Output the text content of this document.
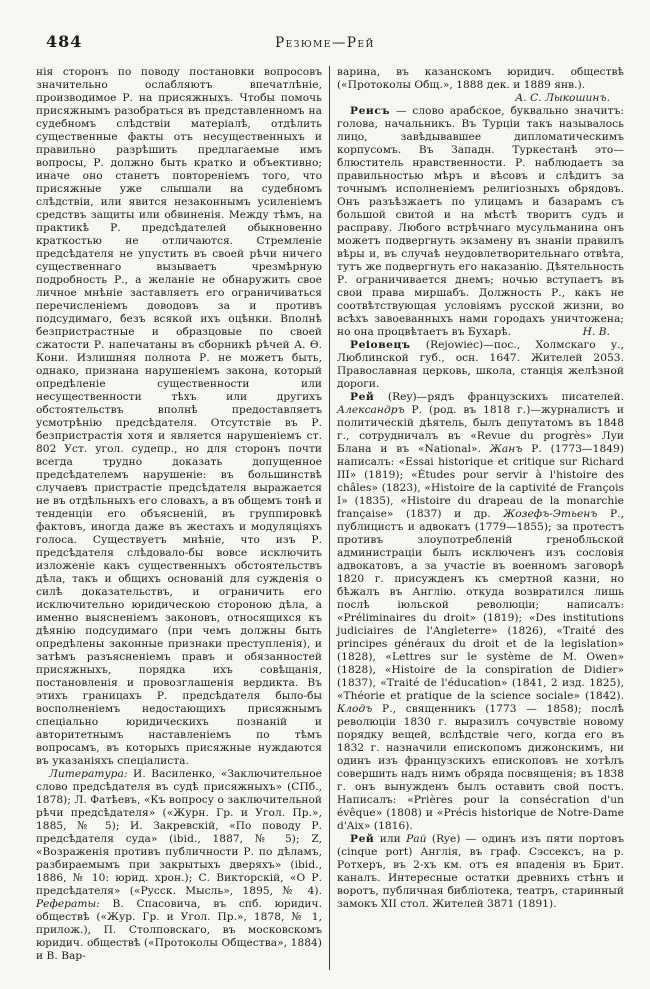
484	Резюме—Рей

нія сторонъ по поводу постановки вопросовъ значительно ослабляютъ впечатлѣніе, производимое Р. на присяжныхъ. Чтобы помочь присяжнымъ разобраться въ представленномъ на судебномъ слѣдствіи матеріалѣ, отдѣлить существенные факты отъ несущественныхъ и правильно разрѣшить предлагаемые имъ вопросы, Р. должно быть кратко и объективно; иначе оно станетъ повтореніемъ того, что присяжные уже слышали на судебномъ слѣдствіи, или явится незаконнымъ усиленіемъ средствъ защиты или обвиненія. Между тѣмъ, на практикѣ Р. предсѣдателей обыкновенно краткостью не отличаются. Стремленіе предсѣдателя не упустить въ своей рѣчи ничего существеннаго вызываетъ чрезмѣрную подробность Р., а желаніе не обнаружить свое личное мнѣніе заставляетъ его ограничиваться перечисленіемъ доводовъ за и противъ подсудимаго, безъ всякой ихъ оцѣнки. Вполнѣ безпристрастные и образцовые по своей сжатости Р. напечатаны въ сборникѣ рѣчей А. Ѳ. Кони. Излишняя полнота Р. не можетъ быть, однако, признана нарушеніемъ закона, который опредѣленіе существенности или несущественности тѣхъ или другихъ обстоятельствъ вполнѣ предоставляетъ усмотрѣнію предсѣдателя. Отсутствіе въ Р. безпристрастія хотя и является нарушеніемъ ст. 802 Уст. угол. судепр., но для сторонъ почти всегда трудно доказать допущенное предсѣдателемъ нарушеніе: въ большинствѣ случаевъ пристрастіе предсѣдателя выражается не въ отдѣльныхъ его словахъ, а въ общемъ тонѣ и тенденціи его объясненій, въ группировкѣ фактовъ, иногда даже въ жестахъ и модуляціяхъ голоса. Существуетъ мнѣніе, что изъ Р. предсѣдателя слѣдовало-бы вовсе исключить изложеніе какъ существенныхъ обстоятельствъ дѣла, такъ и общихъ основаній для сужденія о силѣ доказательствъ, и ограничить его исключительно юридическою стороною дѣла, а именно выясненіемъ законовъ, относящихся къ дѣянію подсудимаго (при чемъ должны быть опредѣлены законные признаки преступленія), и затѣмъ разъясненіемъ правъ и обязанностей присяжныхъ, порядка ихъ совѣщанія, постановленія и провозглашенія вердикта. Въ этихъ границахъ Р. предсѣдателя было-бы восполненіемъ недостающихъ присяжнымъ спеціально юридическихъ познаній и авторитетнымъ наставленіемъ по тѣмъ вопросамъ, въ которыхъ присяжные нуждаются въ указаніяхъ спеціалиста.

Литература: И. Василенко, «Заключительное слово предсѣдателя въ судѣ присяжныхъ» (СПб., 1878); Л. Фатѣевъ, «Къ вопросу о заключительной рѣчи предсѣдателя» («Журн. Гр. и Угол. Пр.», 1885, № 5); И. Закревскій, «По поводу Р. предсѣдателя суда» (ibid., 1887, № 5); Z, «Возраженія противъ публичности Р. по дѣламъ, разбираемымъ при закрытыхъ дверяхъ» (ibid., 1886, № 10: юрид. хрон.); С. Викторскій, «О Р. предсѣдателя» («Русск. Мысль», 1895, № 4). Рефераты: В. Спасовича, въ спб. юридич. обществѣ («Жур. Гр. и Угол. Пр.», 1878, № 1, прилож.), П. Столповскаго, въ московскомъ юридич. обществѣ («Протоколы Общества», 1884) и В. Вар-

варина, въ казанскомъ юридич. обществѣ («Протоколы Общ.», 1888 дек. и 1889 янв.).

А. С. Лыкошинъ.

Реисъ — слово арабское, буквально значитъ: голова, начальникъ. Въ Турціи такъ называлось лицо, завѣдывавшее дипломатическимъ корпусомъ. Въ Западн. Туркестанѣ это—блюститель нравственности. Р. наблюдаетъ за правильностью мѣръ и вѣсовъ и слѣдитъ за точнымъ исполненіемъ религіозныхъ обрядовъ. Онъ разъѣзжаетъ по улицамъ и базарамъ съ большой свитой и на мѣстѣ творитъ судъ и расправу. Любого встрѣчнаго мусульманина онъ можетъ подвергнуть экзамену въ знаніи правилъ вѣры и, въ случаѣ неудовлетворительнаго отвѣта, тутъ же подвергнуть его наказанію. Дѣятельность Р. ограничивается днемъ; ночью вступаетъ въ свои права миршабъ. Должность Р., какъ не соотвѣтствующая условіямъ русской жизни, во всѣхъ завоеванныхъ нами городахъ уничтожена; но она процвѣтаетъ въ Бухарѣ.	Н. В.

Реіовецъ (Rejowiec)—пос., Холмскаго у., Люблинской губ., осн. 1647. Жителей 2053. Православная церковь, школа, станція желѣзной дороги.

Рей (Rey)—рядъ французскихъ писателей. Александръ Р. (род. въ 1818 г.)—журналистъ и политическій дѣятель, былъ депутатомъ въ 1848 г., сотрудничалъ въ «Revue du progrès» Луи Блана и въ «National». Жанъ Р. (1773—1849) написалъ: «Essai historique et critique sur Richard III» (1819); «Études pour servir à l'histoire des châles» (1823), «Histoire de la captivité de François I» (1835), «Histoire du drapeau de la monarchie française» (1837) и др. Жозефъ-Этьенъ Р., публицистъ и адвокатъ (1779—1855); за протестъ противъ злоупотребленій гренобльской администраціи былъ исключенъ изъ сословія адвокатовъ, а за участіе въ военномъ заговорѣ 1820 г. присужденъ къ смертной казни, но бѣжалъ въ Англію. откуда возвратился лишь послѣ іюльской революціи; написалъ: «Préliminaires du droit» (1819); «Des institutions judiciaires de l'Angleterre» (1826), «Traité des principes généraux du droit et de la legislation» (1828), «Lettres sur le système de M. Owen» (1828), «Histoire de la conspiration de Didier» (1837), «Traité de l'éducation» (1841, 2 изд. 1825), «Théorie et pratique de la science sociale» (1842). Клодъ Р., священникъ (1773 — 1858); послѣ революціи 1830 г. выразилъ сочувствіе новому порядку вещей, вслѣдствіе чего, когда его въ 1832 г. назначили епископомъ дижонскимъ, ни одинъ изъ французскихъ епископовъ не хотѣлъ совершить надъ нимъ обряда посвященія; въ 1838 г. онъ вынужденъ былъ оставить свой постъ. Написалъ: «Prières pour la consécration d'un évêque» (1808) и «Précis historique de Notre-Dame d'Aix» (1816).

Рей или Рай (Rye) — одинъ изъ пяти портовъ (cinque port) Англія, въ граф. Сэссексъ, на р. Ротхеръ, въ 2-хъ км. отъ ея впаденія въ Брит. каналъ. Интересные остатки древнихъ стѣнъ и воротъ, публичная библіотека, театръ, старинный замокъ XII стол. Жителей 3871 (1891).
